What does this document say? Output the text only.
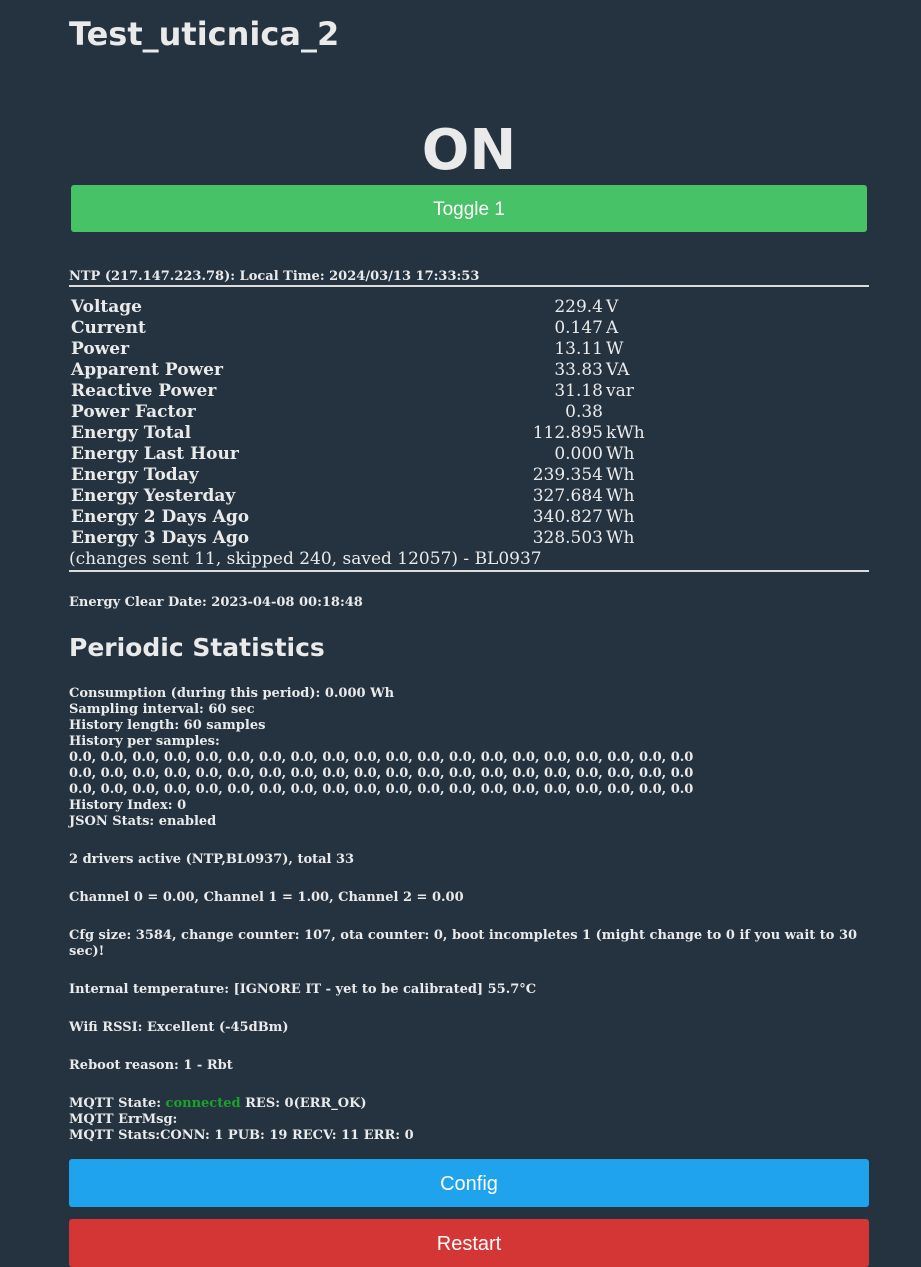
Test_uticnica_2
ON
Toggle 1
NTP (217.147.223.78): Local Time: 2024/03/13 17:33:53
Voltage	229.4	V
Current	0.147	A
Power	13.11	W
Apparent Power	33.83	VA
Reactive Power	31.18	var
Power Factor	0.38	
Energy Total	112.895	kWh
Energy Last Hour	0.000	Wh
Energy Today	239.354	Wh
Energy Yesterday	327.684	Wh
Energy 2 Days Ago	340.827	Wh
Energy 3 Days Ago	328.503	Wh
(changes sent 11, skipped 240, saved 12057) - BL0937
Energy Clear Date: 2023-04-08 00:18:48
Periodic Statistics
Consumption (during this period): 0.000 Wh
Sampling interval: 60 sec
History length: 60 samples
History per samples:
0.0, 0.0, 0.0, 0.0, 0.0, 0.0, 0.0, 0.0, 0.0, 0.0, 0.0, 0.0, 0.0, 0.0, 0.0, 0.0, 0.0, 0.0, 0.0, 0.0
0.0, 0.0, 0.0, 0.0, 0.0, 0.0, 0.0, 0.0, 0.0, 0.0, 0.0, 0.0, 0.0, 0.0, 0.0, 0.0, 0.0, 0.0, 0.0, 0.0
0.0, 0.0, 0.0, 0.0, 0.0, 0.0, 0.0, 0.0, 0.0, 0.0, 0.0, 0.0, 0.0, 0.0, 0.0, 0.0, 0.0, 0.0, 0.0, 0.0
History Index: 0
JSON Stats: enabled
2 drivers active (NTP,BL0937), total 33
Channel 0 = 0.00, Channel 1 = 1.00, Channel 2 = 0.00
Cfg size: 3584, change counter: 107, ota counter: 0, boot incompletes 1 (might change to 0 if you wait to 30 sec)!
Internal temperature: [IGNORE IT - yet to be calibrated] 55.7°C
Wifi RSSI: Excellent (-45dBm)
Reboot reason: 1 - Rbt
MQTT State: connected RES: 0(ERR_OK)
MQTT ErrMsg:
MQTT Stats:CONN: 1 PUB: 19 RECV: 11 ERR: 0
Config
Restart
